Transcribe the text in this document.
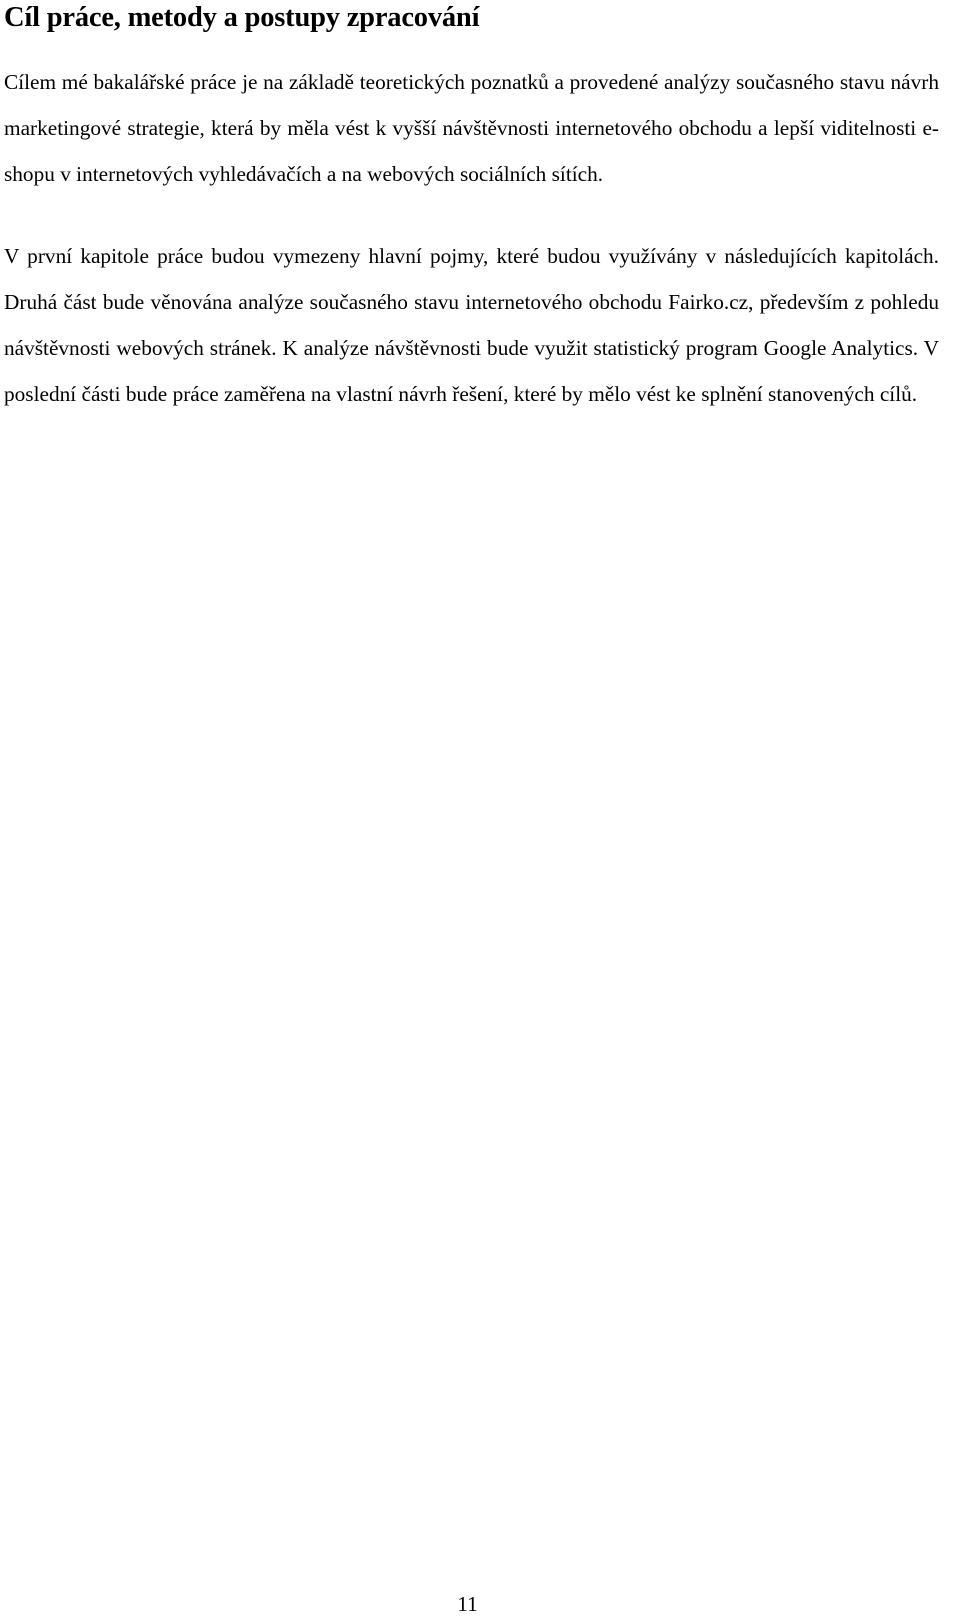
Cíl práce, metody a postupy zpracování

Cílem mé bakalářské práce je na základě teoretických poznatků a provedené analýzy současného stavu návrh marketingové strategie, která by měla vést k vyšší návštěvnosti internetového obchodu a lepší viditelnosti e-shopu v internetových vyhledávačích a na webových sociálních sítích.

V první kapitole práce budou vymezeny hlavní pojmy, které budou využívány v následujících kapitolách. Druhá část bude věnována analýze současného stavu internetového obchodu Fairko.cz, především z pohledu návštěvnosti webových stránek. K analýze návštěvnosti bude využit statistický program Google Analytics. V poslední části bude práce zaměřena na vlastní návrh řešení, které by mělo vést ke splnění stanovených cílů.

11
